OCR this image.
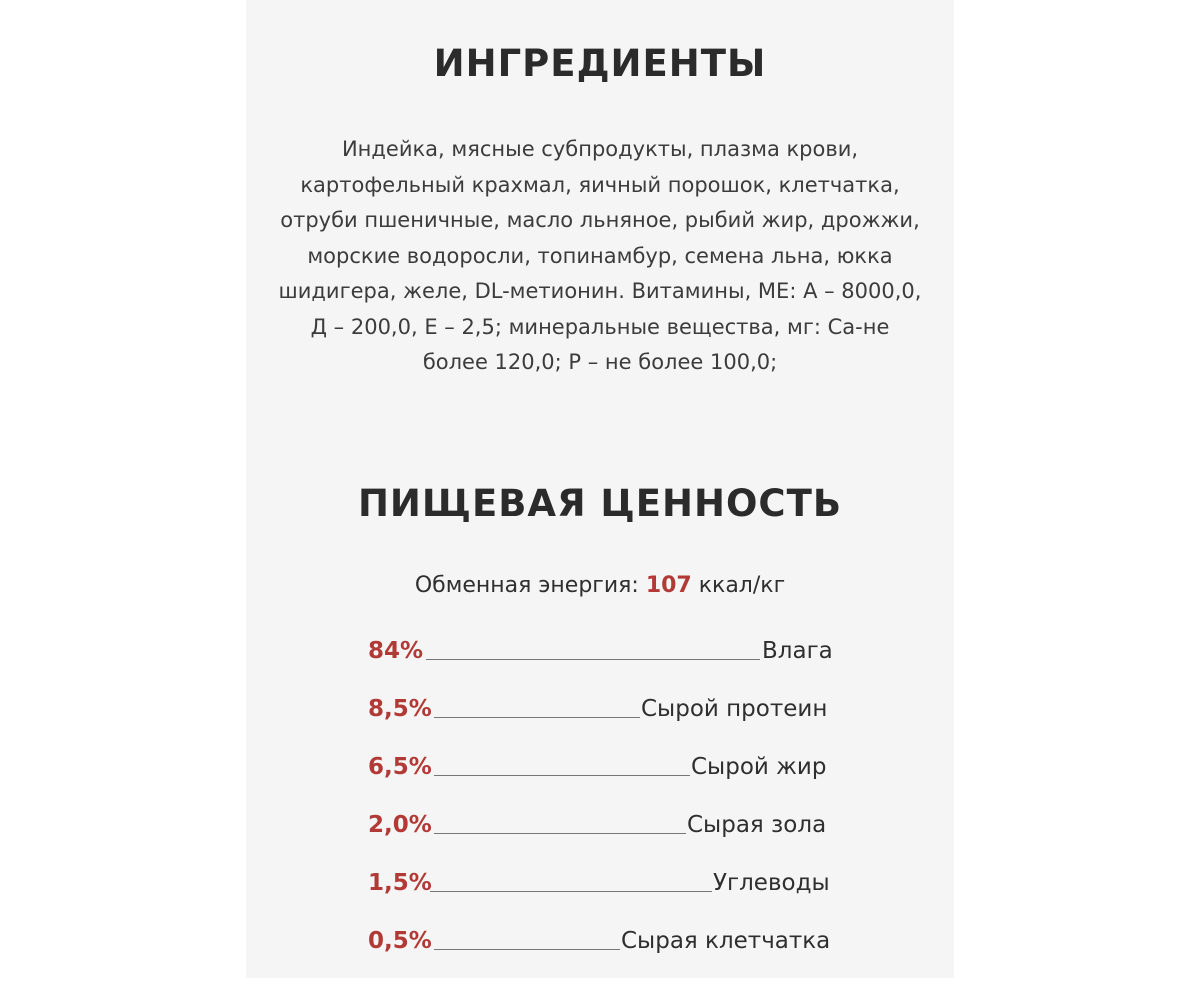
ИНГРЕДИЕНТЫ

Индейка, мясные субпродукты, плазма крови,
картофельный крахмал, яичный порошок, клетчатка,
отруби пшеничные, масло льняное, рыбий жир, дрожжи,
морские водоросли, топинамбур, семена льна, юкка
шидигера, желе, DL-метионин. Витамины, МЕ: А – 8000,0,
Д – 200,0, Е – 2,5; минеральные вещества, мг: Са-не
более 120,0; Р – не более 100,0;

ПИЩЕВАЯ ЦЕННОСТЬ
Обменная энергия: 107 ккал/кг
84%	Влага
8,5%	Сырой протеин
6,5%	Сырой жир
2,0%	Сырая зола
1,5%	Углеводы
0,5%	Сырая клетчатка
